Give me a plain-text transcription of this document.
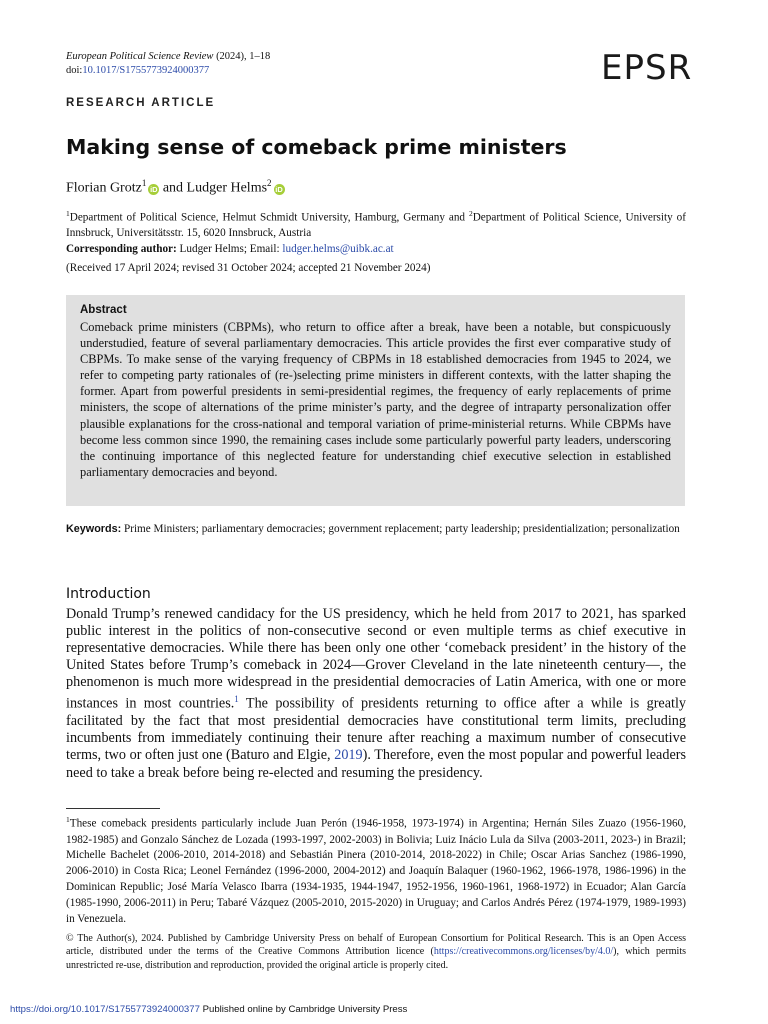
European Political Science Review (2024), 1–18
doi:10.1017/S1755773924000377	EPSR
RESEARCH ARTICLE
Making sense of comeback prime ministers
Florian Grotz$^1$iD and Ludger Helms$^2$iD
$^1$Department of Political Science, Helmut Schmidt University, Hamburg, Germany and $^2$Department of Political Science, University of Innsbruck, Universitätsstr. 15, 6020 Innsbruck, Austria
Corresponding author: Ludger Helms; Email: ludger.helms@uibk.ac.at
(Received 17 April 2024; revised 31 October 2024; accepted 21 November 2024)
Abstract
Comeback prime ministers (CBPMs), who return to office after a break, have been a notable, but conspicuously understudied, feature of several parliamentary democracies. This article provides the first ever comparative study of CBPMs. To make sense of the varying frequency of CBPMs in 18 established democracies from 1945 to 2024, we refer to competing party rationales of (re-)selecting prime ministers in different contexts, with the latter shaping the former. Apart from powerful presidents in semi-presidential regimes, the frequency of early replacements of prime ministers, the scope of alternations of the prime minister’s party, and the degree of intraparty personalization offer plausible explanations for the cross-national and temporal variation of prime-ministerial returns. While CBPMs have become less common since 1990, the remaining cases include some particularly powerful party leaders, underscoring the continuing importance of this neglected feature for understanding chief executive selection in established parliamentary democracies and beyond.
Keywords: Prime Ministers; parliamentary democracies; government replacement; party leadership; presidentialization; personalization
Introduction
Donald Trump’s renewed candidacy for the US presidency, which he held from 2017 to 2021, has sparked public interest in the politics of non-consecutive second or even multiple terms as chief executive in representative democracies. While there has been only one other ‘comeback president’ in the history of the United States before Trump’s comeback in 2024—Grover Cleveland in the late nineteenth century—, the phenomenon is much more widespread in the presidential democracies of Latin America, with one or more instances in most countries.$^1$ The possibility of presidents returning to office after a while is greatly facilitated by the fact that most presidential democracies have constitutional term limits, precluding incumbents from immediately continuing their tenure after reaching a maximum number of consecutive terms, two or often just one (Baturo and Elgie, 2019). Therefore, even the most popular and powerful leaders need to take a break before being re-elected and resuming the presidency.
$^1$These comeback presidents particularly include Juan Perón (1946-1958, 1973-1974) in Argentina; Hernán Siles Zuazo (1956-1960, 1982-1985) and Gonzalo Sánchez de Lozada (1993-1997, 2002-2003) in Bolivia; Luiz Inácio Lula da Silva (2003-2011, 2023-) in Brazil; Michelle Bachelet (2006-2010, 2014-2018) and Sebastián Pinera (2010-2014, 2018-2022) in Chile; Oscar Arias Sanchez (1986-1990, 2006-2010) in Costa Rica; Leonel Fernández (1996-2000, 2004-2012) and Joaquín Balaquer (1960-1962, 1966-1978, 1986-1996) in the Dominican Republic; José María Velasco Ibarra (1934-1935, 1944-1947, 1952-1956, 1960-1961, 1968-1972) in Ecuador; Alan García (1985-1990, 2006-2011) in Peru; Tabaré Vázquez (2005-2010, 2015-2020) in Uruguay; and Carlos Andrés Pérez (1974-1979, 1989-1993) in Venezuela.
© The Author(s), 2024. Published by Cambridge University Press on behalf of European Consortium for Political Research. This is an Open Access article, distributed under the terms of the Creative Commons Attribution licence (https://creativecommons.org/licenses/by/4.0/), which permits unrestricted re-use, distribution and reproduction, provided the original article is properly cited.
https://doi.org/10.1017/S1755773924000377 Published online by Cambridge University Press
